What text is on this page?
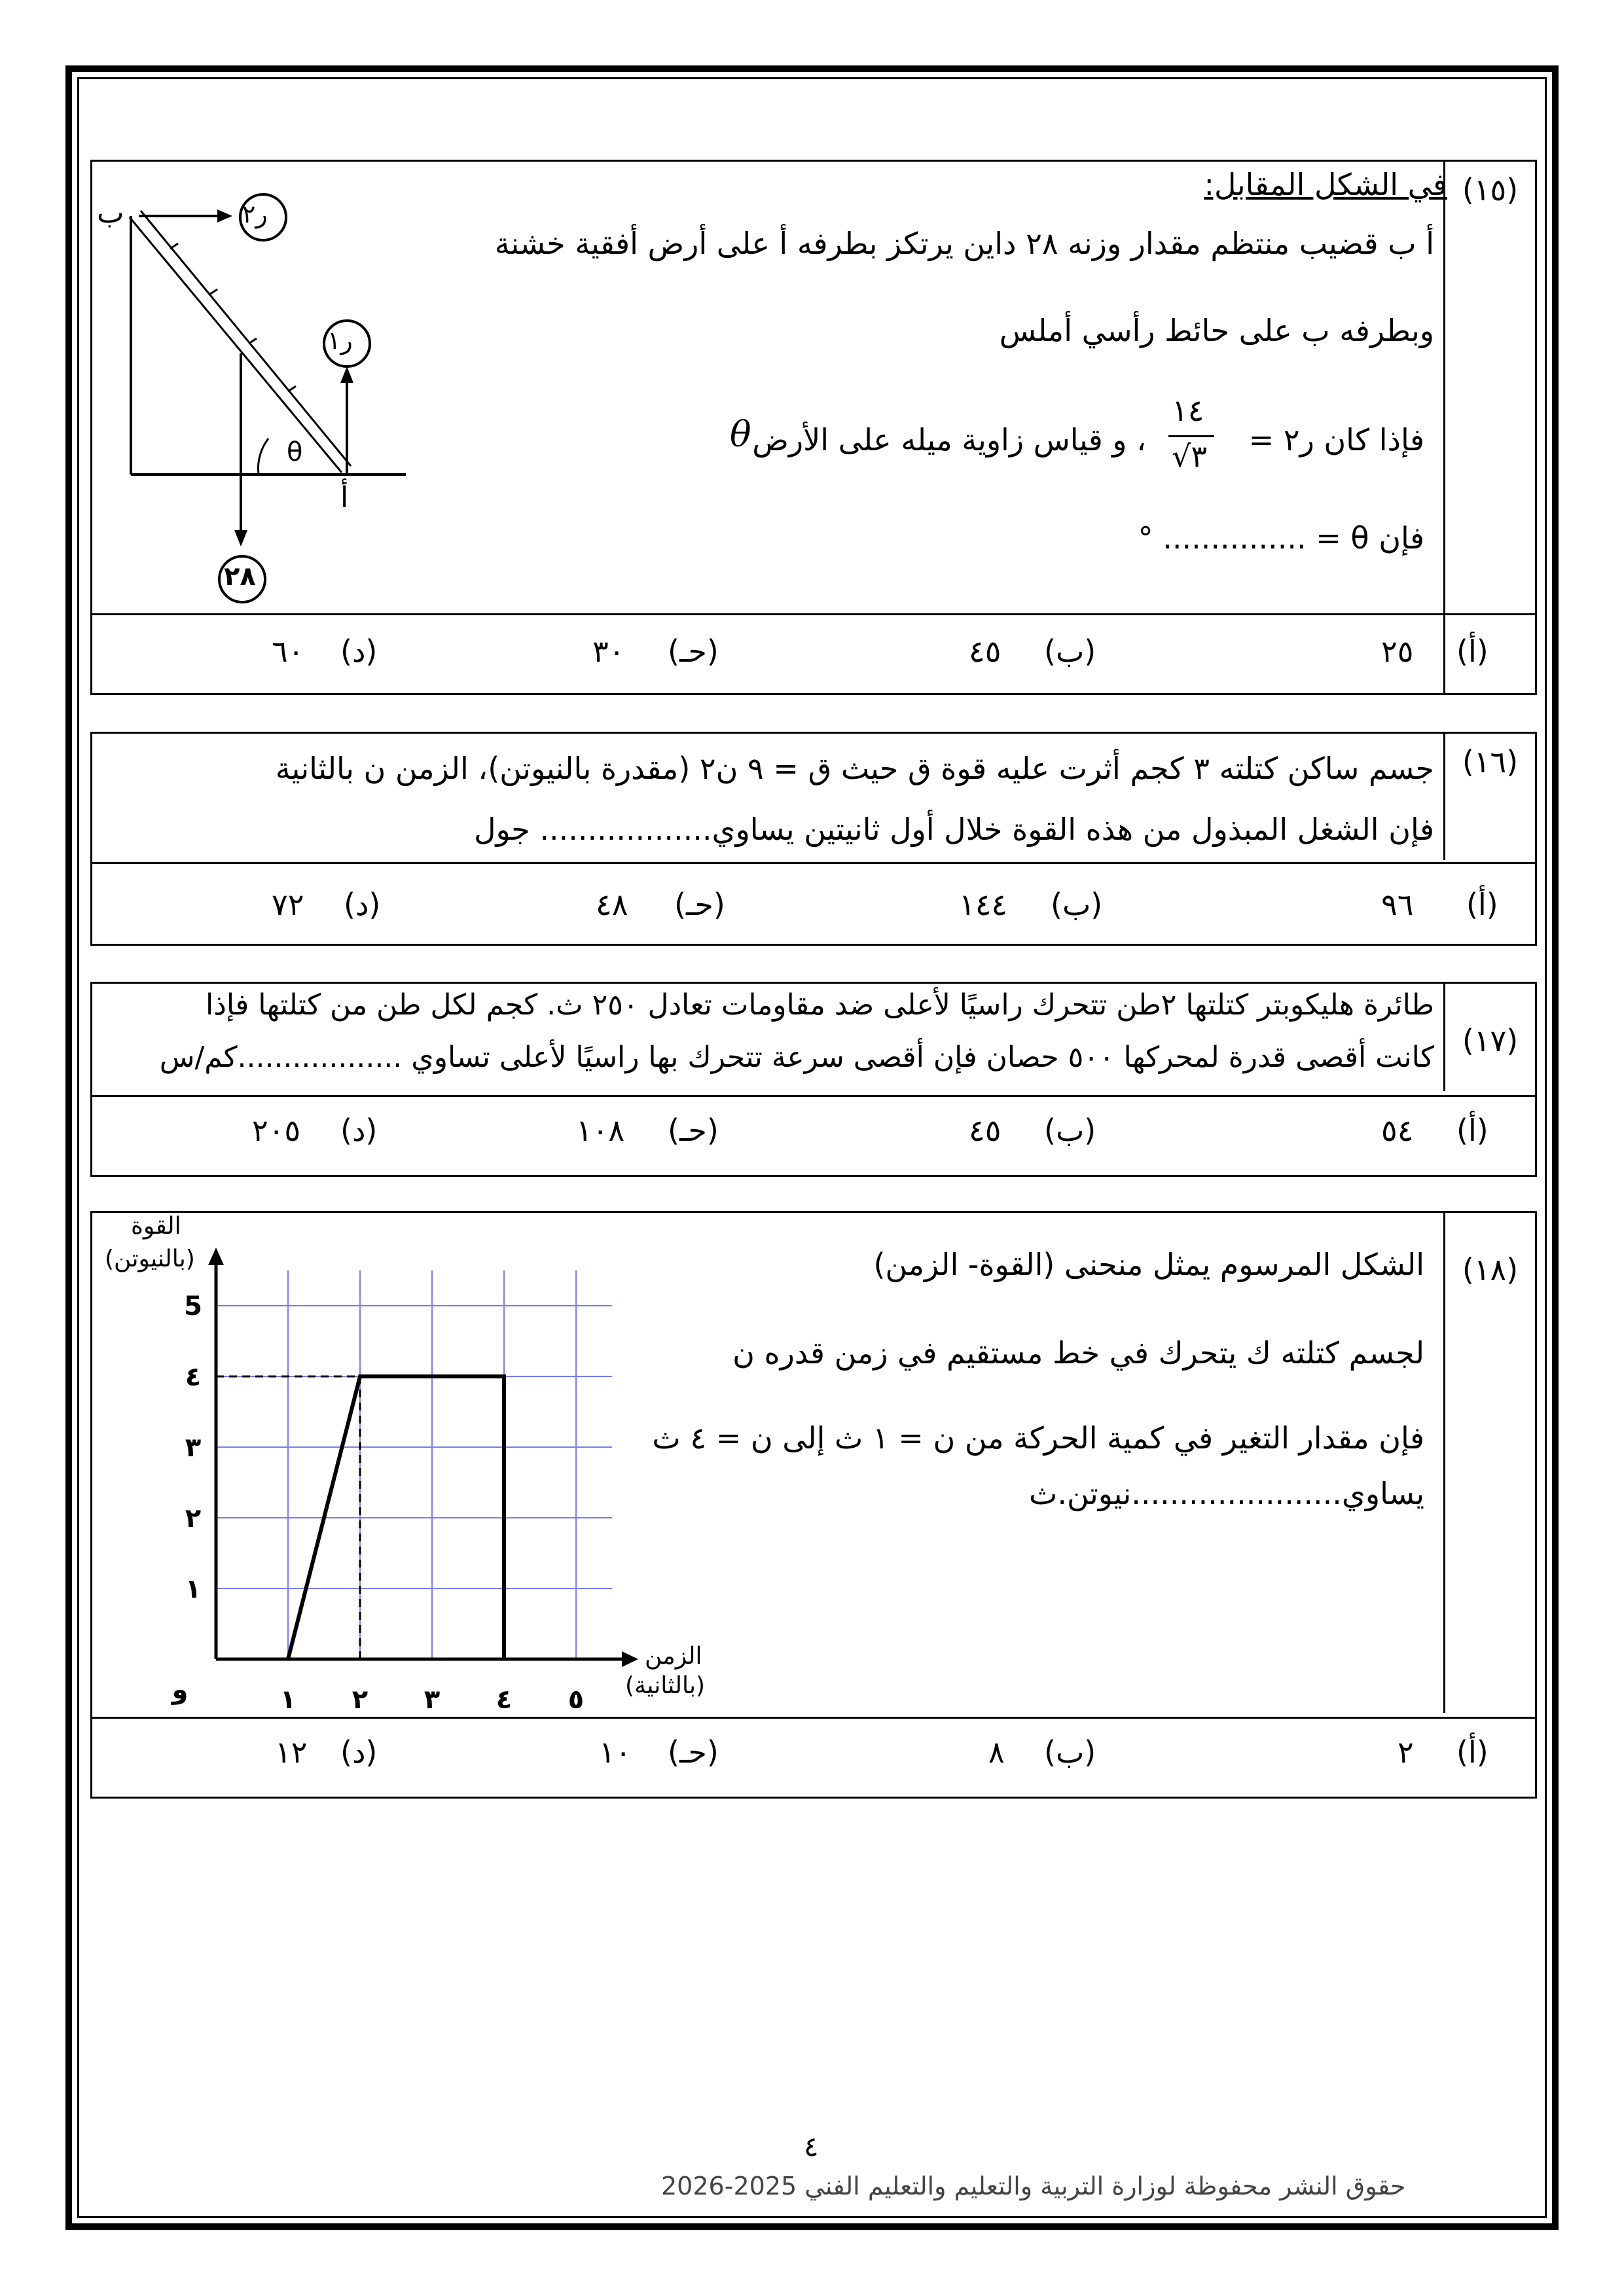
(١٥)
في الشكل المقابل:
أ ب قضيب منتظم مقدار وزنه ٢٨ داين يرتكز بطرفه أ على أرض أفقية خشنة
وبطرفه ب على حائط رأسي أملس
فإذا كان ر٢ =
١٤
٣√
، و قياس زاوية ميله على الأرض
θ
فإن θ = ............... °
ب
أ
ر٢
ر١
٢٨
θ
(أ)
٢٥
(ب)
٤٥
(حـ)
٣٠
(د)
٦٠
(١٦)
جسم ساكن كتلته ٣ كجم أثرت عليه قوة ق حيث ق = ٩ ن٢ (مقدرة بالنيوتن)، الزمن ن بالثانية
فإن الشغل المبذول من هذه القوة خلال أول ثانيتين يساوي.................. جول
(أ)
٩٦
(ب)
١٤٤
(حـ)
٤٨
(د)
٧٢
(١٧)
طائرة هليكوبتر كتلتها ٢طن تتحرك راسيًا لأعلى ضد مقاومات تعادل ٢٥٠ ث. كجم لكل طن من كتلتها فإذا
كانت أقصى قدرة لمحركها ٥٠٠ حصان فإن أقصى سرعة تتحرك بها راسيًا لأعلى تساوي ..................كم/س
(أ)
٥٤
(ب)
٤٥
(حـ)
١٠٨
(د)
٢٠٥
(١٨)
الشكل المرسوم يمثل منحنى (القوة- الزمن)
لجسم كتلته ك يتحرك في خط مستقيم في زمن قدره ن
فإن مقدار التغير في كمية الحركة من ن = ١ ث إلى ن = ٤ ث
يساوي......................نيوتن.ث
١ ٢ ٣ ٤ ٥
١
٢
٣
٤
5
و
القوة
(بالنيوتن)
الزمن
(بالثانية)
(أ)
٢
(ب)
٨
(حـ)
١٠
(د)
١٢
٤
حقوق النشر محفوظة لوزارة التربية والتعليم والتعليم الفني 2025-2026
